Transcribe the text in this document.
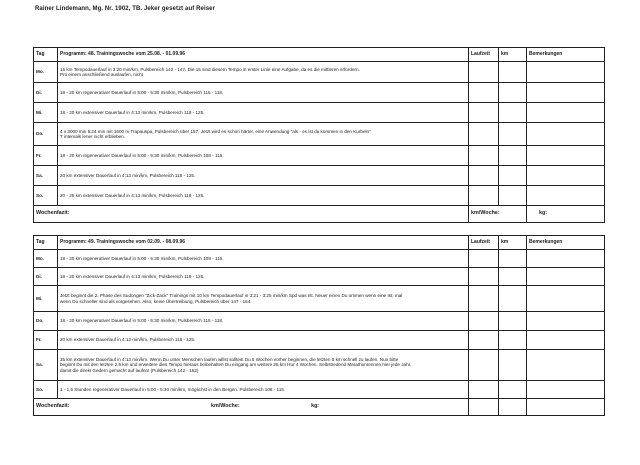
Rainer Lindemann, Mg. Nr. 1902, TB. Jeker gesetzt auf Reiser
Tag	Programm: 48. Trainingswoche vom 25.08. - 01.09.96	Laufzeit	km	Bemerkungen
Mo.	15 km Tempodauerlauf in 3:20 min/km, Pulsbereich 142 - 147. Die 15 sind diesem Tempo in erster Linie eine Aufgabe, da es die mittleren erfordern.
Pro einem anschließend auslaufen, nicht			

Di.	18 - 20 km regenerativer Dauerlauf in 5:00 - 5:30 min/km, Pulsbereich 115 - 118.			
Mi.	18 - 20 km extensiver Dauerlauf in 4:13 min/km, Pulsbereich 118 - 125.			
Do.	4 x 3000 min 5:24 min mit 1600 m Trapauspa, Pulsbereich über 157. Jetzt wird es schon härter, eine Anwendung "als - es ist da kommen in den Kurbeln"
T intervals lener nicht erblieben.			

Fr.	18 - 20 km regenerativer Dauerlauf in 5:00 - 5:30 min/km, Pulsbereich 108 - 115.			
Sa.	20 km extensiver Dauerlauf in 4:13 min/km, Pulsbereich 118 - 125.			
So.	20 - 25 km extensiver Dauerlauf in 4:13 min/km, Pulsbereich 118 - 125.			
Wochenfazit:		km/Woche:		kg:
Tag	Programm: 49. Trainingswoche vom 02.09. - 08.09.96	Laufzeit	km	Bemerkungen
Mo.	18 - 20 km regenerativer Dauerlauf in 5:00 - 5:30 min/km, Pulsbereich 108 - 115.			
Di.	18 - 20 km extensiver Dauerlauf in 4:13 min/km, Pulsbereich 118 - 125.			
Mi.	Jetzt beginnt die 2. Phase des Sudongen "Zick-Zack" Trainings mit 10 km Tempodauerlauf in 3:21 - 3:25 min/km Spd was Ist. Neuer einen Du ommen wenn eine Ist, mal
wenn Du schneller sind als vorgesehen. Also, keine Übertreibung, Pulsbereich über 147 - 154.			

Do.	18 - 20 km regenerativer Dauerlauf in 5:00 - 5:30 min/km, Pulsbereich 115 - 118.			
Fr.	20 km extensiver Dauerlauf in 4:13 min/km, Pulsbereich 118 - 125.			
Sa.	35 km extensiver Dauerlauf in 4:13 min/km. Wenn Du unter Menschen laufen willst solltest Du 5 Wochen vorher beginnen, die letzten 5 km schnell zu laufen. Nun bitte
beginnt Du mit den letzten 2,5 km und erweitere dies Tempo hieraus beibehalten Du eingang am weitere 25 km Hur 4 Wochen. Selbstredend Marathonrennen hier jede Jahr,
damit die direkt Gedern gemacht auf laufen! (Pulsbereich 142 - 152)			

So.	1 - 1,5 Stunden regenerativer Dauerlauf in 5:00 - 5:30 min/km, möglichst in den Bergen. Pulsbereich 108 - 115.			
Wochenfazit: km/Woche: kg:				
